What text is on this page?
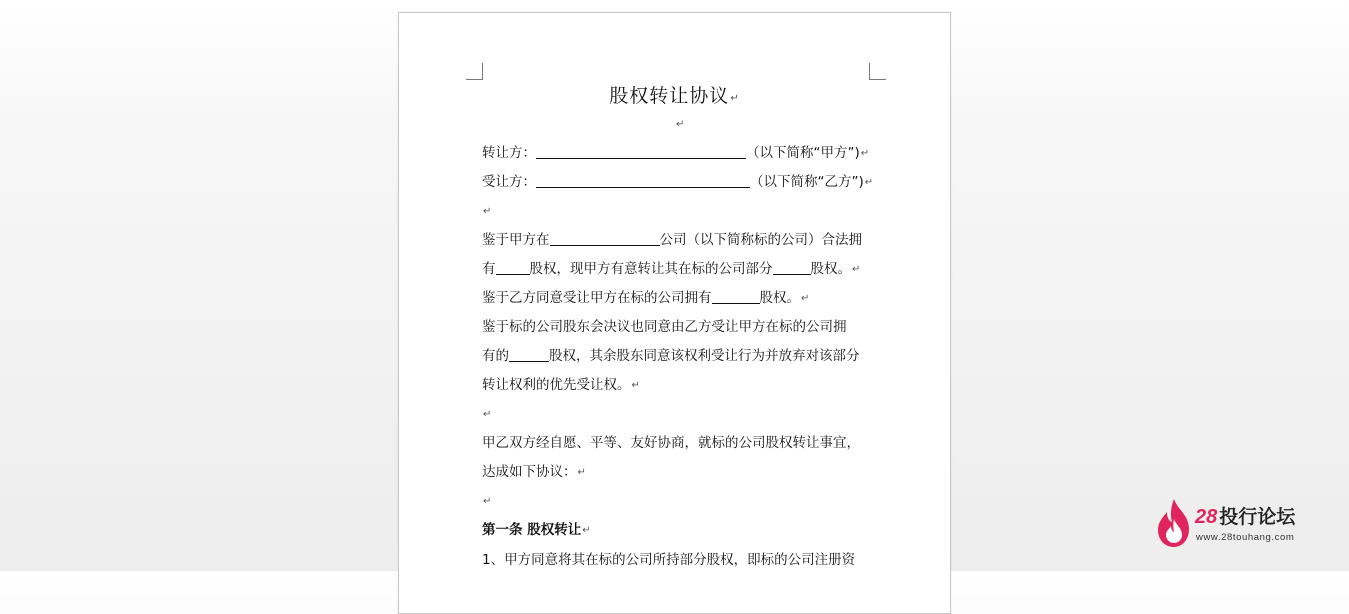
股权转让协议↵
↵
转让方：	（以下简称“甲方”)↵
受让方：	（以下简称“乙方”)↵
↵
鉴于甲方在	公司（以下简称标的公司）合法拥
有	股权，现甲方有意转让其在标的公司部分	股权。↵
鉴于乙方同意受让甲方在标的公司拥有	股权。↵
鉴于标的公司股东会决议也同意由乙方受让甲方在标的公司拥
有的	股权，其余股东同意该权利受让行为并放弃对该部分
转让权利的优先受让权。↵
↵
甲乙双方经自愿、平等、友好协商，就标的公司股权转让事宜，
达成如下协议：↵
↵
第一条 股权转让↵
1、甲方同意将其在标的公司所持部分股权，即标的公司注册资
28 投行论坛
www.28touhang.com
